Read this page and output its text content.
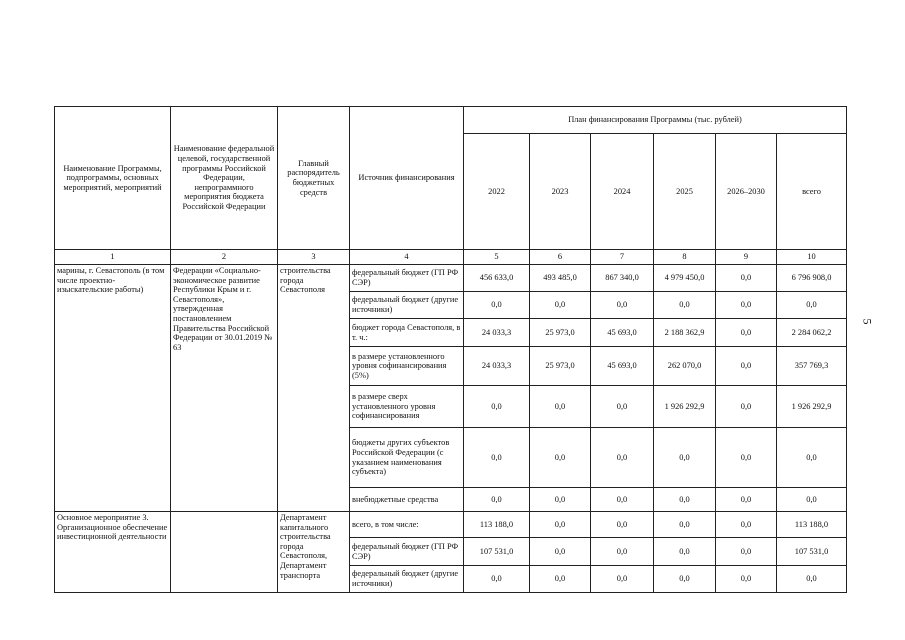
Наименование Программы, подпрограммы, основных мероприятий, мероприятий	Наименование федеральной целевой, государственной программы Российской Федерации, непрограммного мероприятия бюджета Российской Федерации	Главный распорядитель бюджетных средств	Источник финансирования	План финансирования Программы (тыс. рублей)					
				2022	2023	2024	2025	2026–2030	всего
1	2	3	4	5	6	7	8	9	10
марины, г. Севастополь (в том числе проектно-изыскательские работы)	Федерации «Социально-экономическое развитие Республики Крым и г. Севастополя», утвержденная постановлением Правительства Российской Федерации от 30.01.2019 № 63	строительства города Севастополя	федеральный бюджет (ГП РФ СЭР)	456 633,0	493 485,0	867 340,0	4 979 450,0	0,0	6 796 908,0
			федеральный бюджет (другие источники)	0,0	0,0	0,0	0,0	0,0	0,0
			бюджет города Севастополя, в т. ч.:	24 033,3	25 973,0	45 693,0	2 188 362,9	0,0	2 284 062,2
			в размере установленного уровня софинансирования (5%)	24 033,3	25 973,0	45 693,0	262 070,0	0,0	357 769,3
			в размере сверх установленного уровня софинансирования	0,0	0,0	0,0	1 926 292,9	0,0	1 926 292,9
			бюджеты других субъектов Российской Федерации (с указанием наименования субъекта)	0,0	0,0	0,0	0,0	0,0	0,0
			внебюджетные средства	0,0	0,0	0,0	0,0	0,0	0,0
Основное мероприятие 3. Организационное обеспечение инвестиционной деятельности		Департамент капитального строительства города Севастополя, Департамент транспорта	всего, в том числе:	113 188,0	0,0	0,0	0,0	0,0	113 188,0
			федеральный бюджет (ГП РФ СЭР)	107 531,0	0,0	0,0	0,0	0,0	107 531,0
			федеральный бюджет (другие источники)	0,0	0,0	0,0	0,0	0,0	0,0
5
